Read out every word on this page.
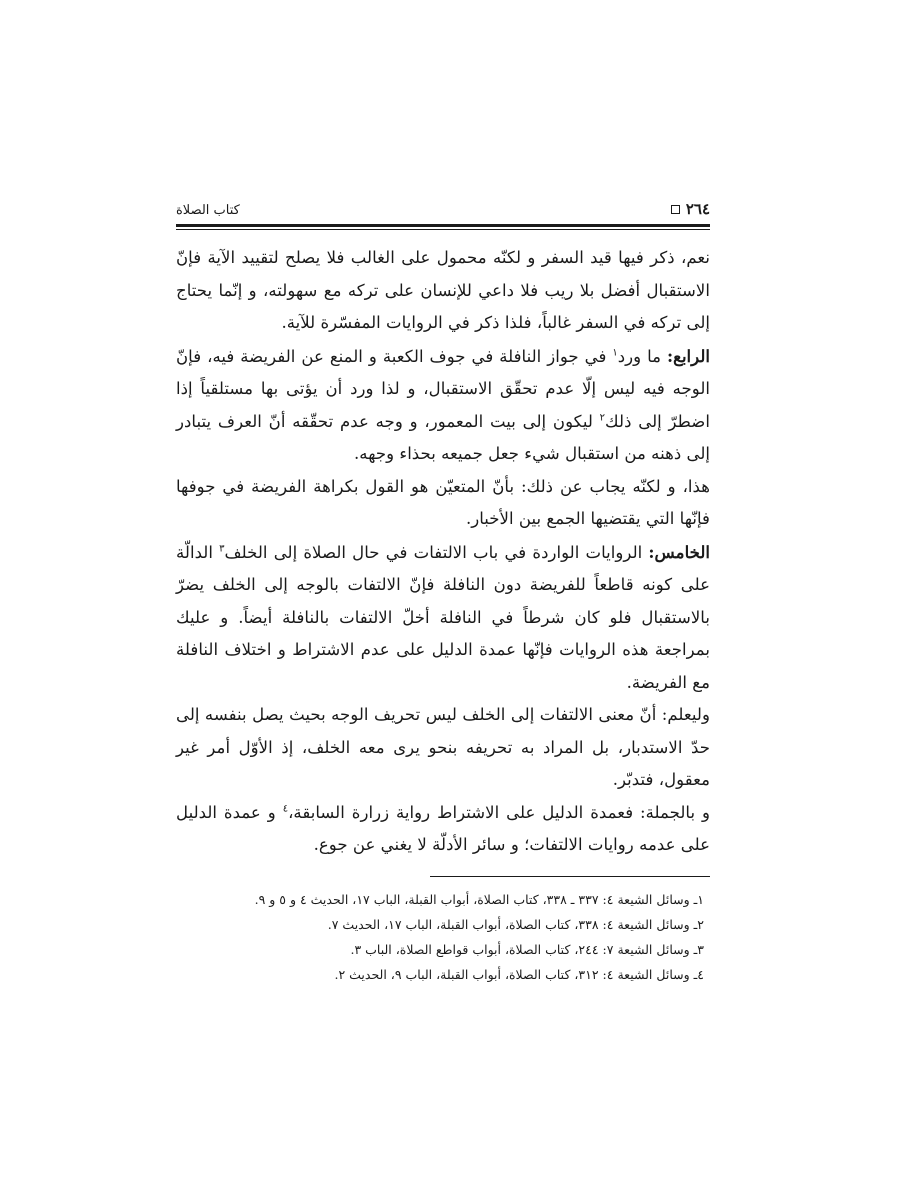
٢٦٤
كتاب الصلاة

نعم، ذكر فيها قيد السفر و لكنّه محمول على الغالب فلا يصلح لتقييد الآية فإنّ الاستقبال أفضل بلا ريب فلا داعي للإنسان على تركه مع سهولته، و إنّما يحتاج إلى تركه في السفر غالباً، فلذا ذكر في الروايات المفسّرة للآية.

الرابع: ما ورد$^١$ في جواز النافلة في جوف الكعبة و المنع عن الفريضة فيه، فإنّ الوجه فيه ليس إلّا عدم تحقّق الاستقبال، و لذا ورد أن يؤتى بها مستلقياً إذا اضطرّ إلى ذلك$^٢$ ليكون إلى بيت المعمور، و وجه عدم تحقّقه أنّ العرف يتبادر إلى ذهنه من استقبال شيء جعل جميعه بحذاء وجهه.

هذا، و لكنّه يجاب عن ذلك: بأنّ المتعيّن هو القول بكراهة الفريضة في جوفها فإنّها التي يقتضيها الجمع بين الأخبار.

الخامس: الروايات الواردة في باب الالتفات في حال الصلاة إلى الخلف$^٣$ الدالّة على كونه قاطعاً للفريضة دون النافلة فإنّ الالتفات بالوجه إلى الخلف يضرّ بالاستقبال فلو كان شرطاً في النافلة أخلّ الالتفات بالنافلة أيضاً. و عليك بمراجعة هذه الروايات فإنّها عمدة الدليل على عدم الاشتراط و اختلاف النافلة مع الفريضة.

وليعلم: أنّ معنى الالتفات إلى الخلف ليس تحريف الوجه بحيث يصل بنفسه إلى حدّ الاستدبار، بل المراد به تحريفه بنحو يرى معه الخلف، إذ الأوّل أمر غير معقول، فتدبّر.

و بالجملة: فعمدة الدليل على الاشتراط رواية زرارة السابقة،$^٤$ و عمدة الدليل على عدمه روايات الالتفات؛ و سائر الأدلّة لا يغني عن جوع.

١ـ وسائل الشيعة ٤: ٣٣٧ ـ ٣٣٨، كتاب الصلاة، أبواب القبلة، الباب ١٧، الحديث ٤ و ٥ و ٩.

٢ـ وسائل الشيعة ٤: ٣٣٨، كتاب الصلاة، أبواب القبلة، الباب ١٧، الحديث ٧.

٣ـ وسائل الشيعة ٧: ٢٤٤، كتاب الصلاة، أبواب قواطع الصلاة، الباب ٣.

٤ـ وسائل الشيعة ٤: ٣١٢، كتاب الصلاة، أبواب القبلة، الباب ٩، الحديث ٢.
